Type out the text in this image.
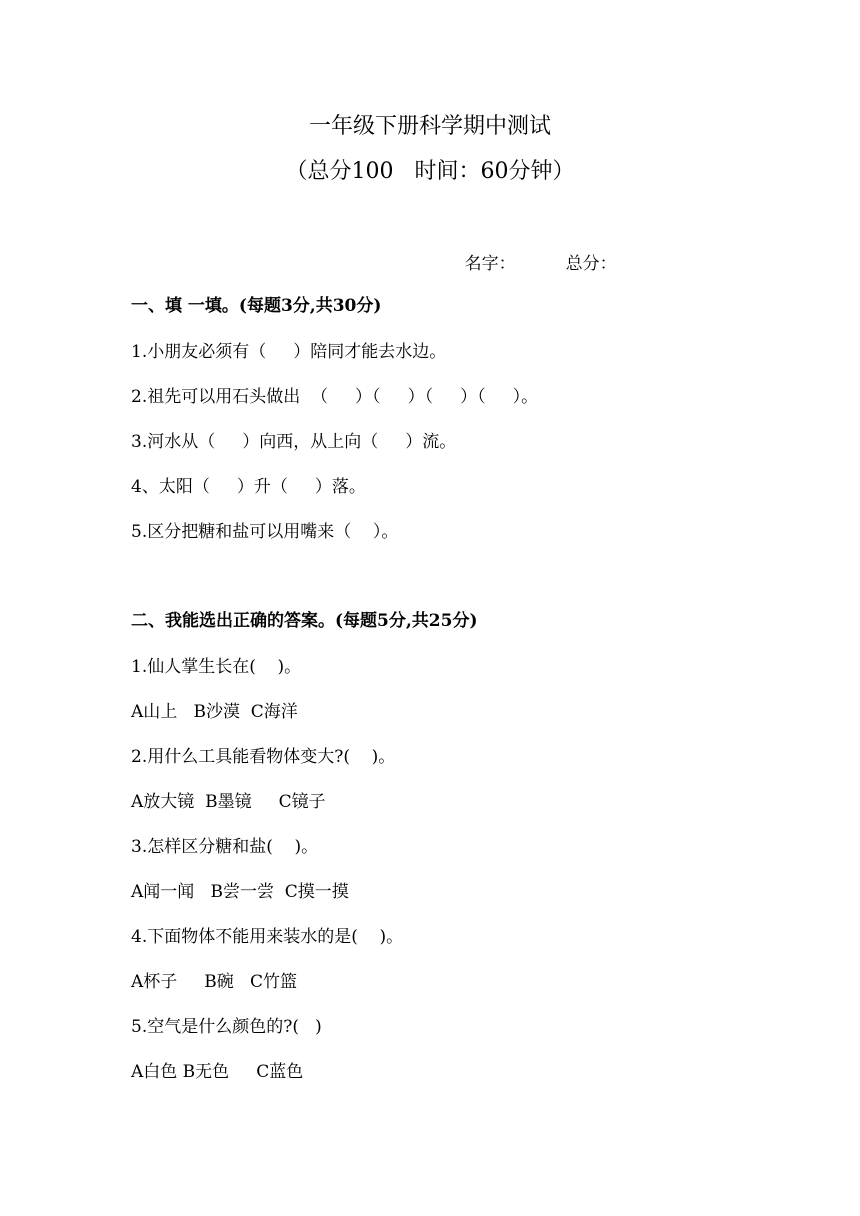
一年级下册科学期中测试
（总分100   时间：60分钟）

名字：	总分：

一、填 一填。(每题3分,共30分)
1.小朋友必须有（     ）陪同才能去水边。
2.祖先可以用石头做出  （     ）（     ）（     ）（     ）。
3.河水从（     ）向西，从上向（     ）流。
4、太阳（     ）升（     ）落。
5.区分把糖和盐可以用嘴来（    ）。
二、我能选出正确的答案。(每题5分,共25分)
1.仙人掌生长在(    )。
A山上   B沙漠  C海洋
2.用什么工具能看物体变大?(    )。
A放大镜  B墨镜     C镜子
3.怎样区分糖和盐(    )。
A闻一闻   B尝一尝  C摸一摸
4.下面物体不能用来装水的是(    )。
A杯子     B碗   C竹篮
5.空气是什么颜色的?(   )
A白色 B无色     C蓝色
